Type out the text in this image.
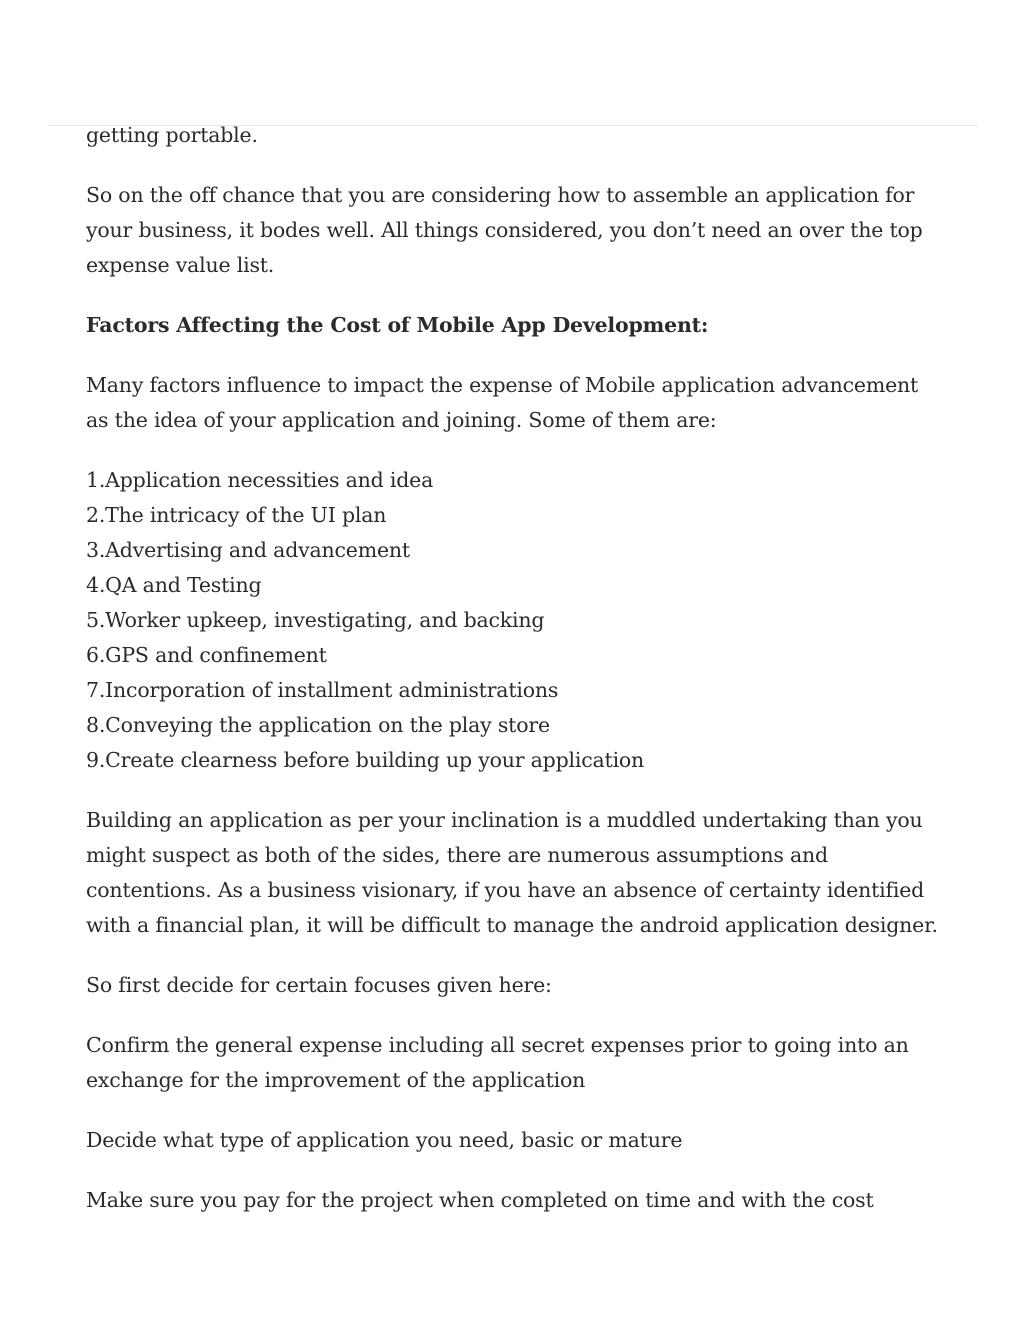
getting portable.

So on the off chance that you are considering how to assemble an application for your business, it bodes well. All things considered, you don’t need an over the top expense value list.

Factors Affecting the Cost of Mobile App Development:

Many factors influence to impact the expense of Mobile application advancement as the idea of your application and joining. Some of them are:

1.Application necessities and idea
2.The intricacy of the UI plan
3.Advertising and advancement
4.QA and Testing
5.Worker upkeep, investigating, and backing
6.GPS and confinement
7.Incorporation of installment administrations
8.Conveying the application on the play store
9.Create clearness before building up your application

Building an application as per your inclination is a muddled undertaking than you might suspect as both of the sides, there are numerous assumptions and contentions. As a business visionary, if you have an absence of certainty identified with a financial plan, it will be difficult to manage the android application designer.

So first decide for certain focuses given here:

Confirm the general expense including all secret expenses prior to going into an exchange for the improvement of the application

Decide what type of application you need, basic or mature

Make sure you pay for the project when completed on time and with the cost
